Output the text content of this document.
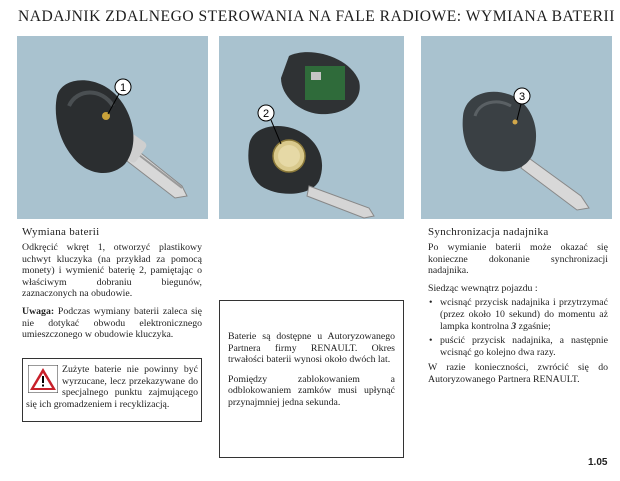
NADAJNIK ZDALNEGO STEROWANIA NA FALE RADIOWE: WYMIANA BATERII
1
2
3
Wymiana baterii

Odkręcić wkręt 1, otworzyć plastikowy uchwyt kluczyka (na przykład za pomocą monety) i wymienić baterię 2, pamiętając o właściwym dobraniu biegunów, zaznaczonych na obudowie.

Uwaga: Podczas wymiany baterii zaleca się nie dotykać obwodu elektronicznego umieszczonego w obudowie kluczyka.

Zużyte baterie nie powinny być wyrzucane, lecz przekazywane do specjalnego punktu zajmującego się ich gromadzeniem i recyklizacją.

Baterie są dostępne u Autoryzowanego Partnera firmy RENAULT. Okres trwałości baterii wynosi około dwóch lat.

Pomiędzy zablokowaniem a odblokowaniem zamków musi upłynąć przynajmniej jedna sekunda.

Synchronizacja nadajnika

Po wymianie baterii może okazać się konieczne dokonanie synchronizacji nadajnika.

Siedząc wewnątrz pojazdu :

• wcisnąć przycisk nadajnika i przytrzymać (przez około 10 sekund) do momentu aż lampka kontrolna 3 zgaśnie;
• puścić przycisk nadajnika, a następnie wcisnąć go kolejno dwa razy.

W razie konieczności, zwrócić się do Autoryzowanego Partnera RENAULT.

1.05
